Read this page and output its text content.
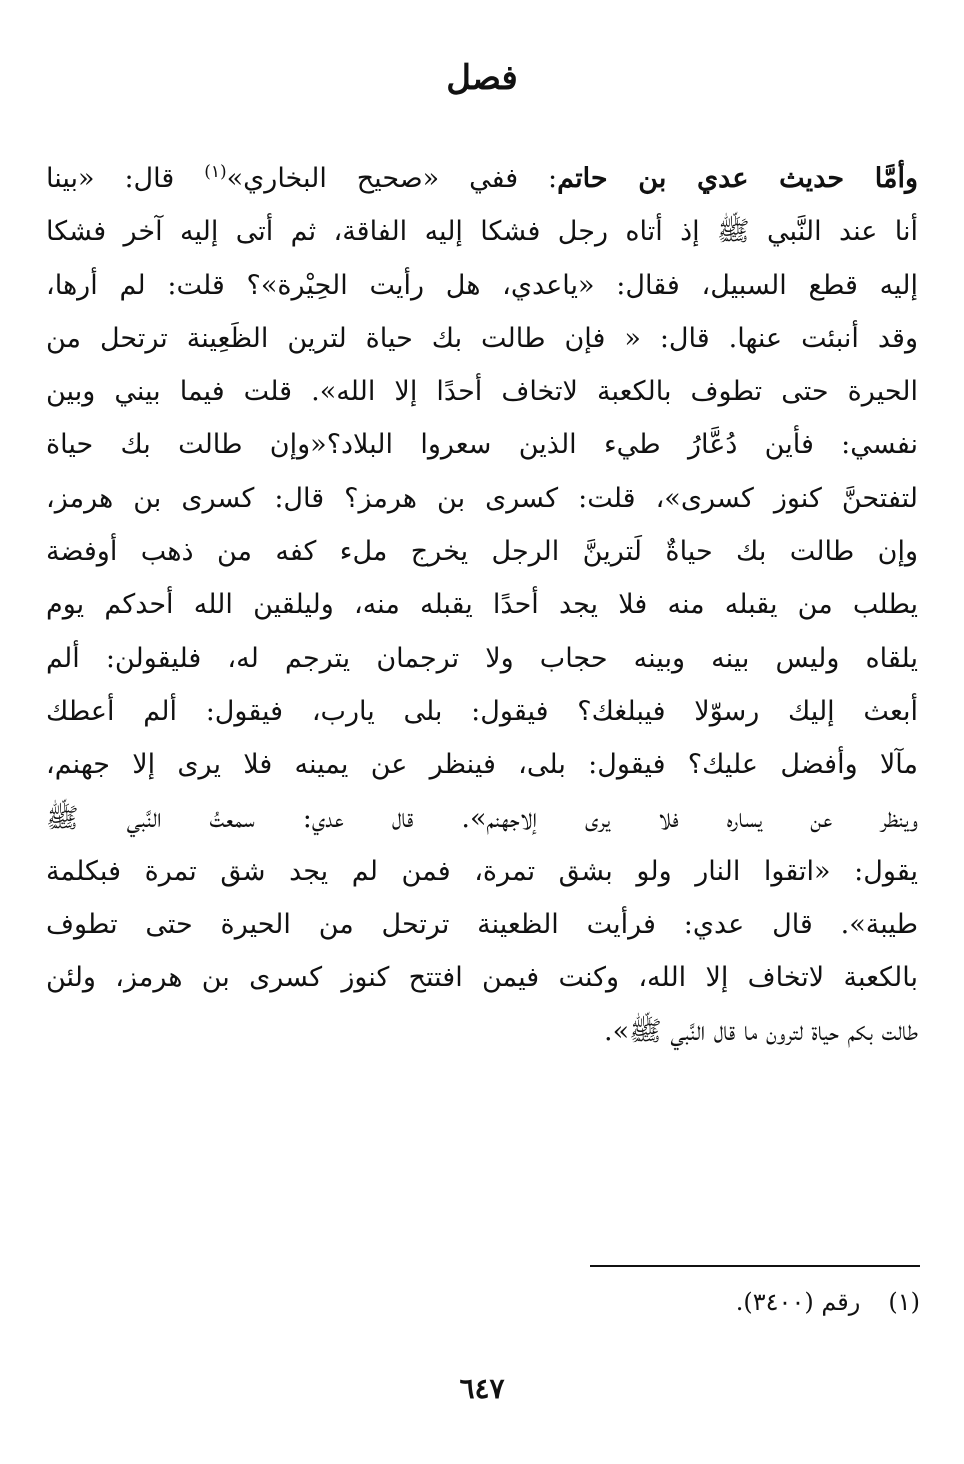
فصل
وأمَّا حديث عدي بن حاتم: ففي «صحيح البخاري»$^{(١)}$ قال: «بينا
أنا عند النَّبي ﷺ إذ أتاه رجل فشكا إليه الفاقة، ثم أتى إليه آخر فشكا
إليه قطع السبيل، فقال: «ياعدي، هل رأيت الحِيْرة»؟ قلت: لم أرها،
وقد أنبئت عنها. قال: « فإن طالت بك حياة لترين الظَعِينة ترتحل من
الحيرة حتى تطوف بالكعبة لاتخاف أحدًا إلا الله». قلت فيما بيني وبين
نفسي: فأين دُعَّارُ طيء الذين سعروا البلاد؟«وإن طالت بك حياة
لتفتحنَّ كنوز كسرى»، قلت: كسرى بن هرمز؟ قال: كسرى بن هرمز،
وإن طالت بك حياةٌ لَترينَّ الرجل يخرج ملء كفه من ذهب أوفضة
يطلب من يقبله منه فلا يجد أحدًا يقبله منه، وليلقين الله أحدكم يوم
يلقاه وليس بينه وبينه حجاب ولا ترجمان يترجم له، فليقولن: ألم
أبعث إليك رسوّلا فيبلغك؟ فيقول: بلى يارب، فيقول: ألم أعطك
مآلا وأفضل عليك؟ فيقول: بلى، فينظر عن يمينه فلا يرى إلا جهنم،
وينظر عن يساره فلا يرى إلاجهنم». قال عدي: سمعتُ النَّبي ﷺ
يقول: «اتقوا النار ولو بشق تمرة، فمن لم يجد شق تمرة فبكلمة
طيبة». قال عدي: فرأيت الظعينة ترتحل من الحيرة حتى تطوف
بالكعبة لاتخاف إلا الله، وكنت فيمن افتتح كنوز كسرى بن هرمز، ولئن
طالت بكم حياة لترون ما قال النَّبي ﷺ».
(١)رقم (٣٤٠٠).
٦٤٧
